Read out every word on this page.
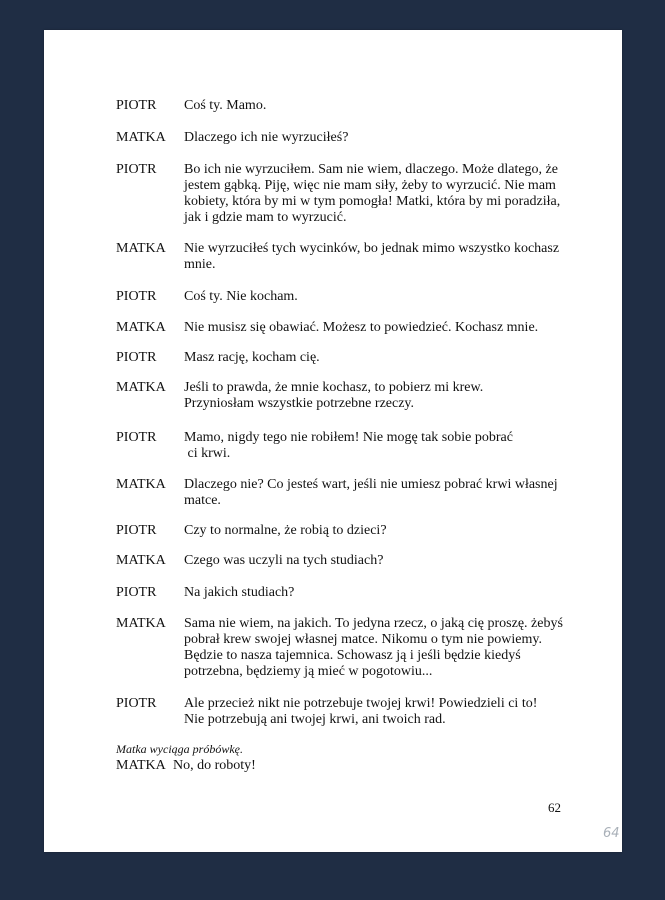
PIOTR Coś ty. Mamo.
MATKA Dlaczego ich nie wyrzuciłeś?
PIOTR Bo ich nie wyrzuciłem. Sam nie wiem, dlaczego. Może dlatego, że
jestem gąbką. Piję, więc nie mam siły, żeby to wyrzucić. Nie mam
kobiety, która by mi w tym pomogła! Matki, która by mi poradziła,
jak i gdzie mam to wyrzucić.
MATKA Nie wyrzuciłeś tych wycinków, bo jednak mimo wszystko kochasz
mnie.
PIOTR Coś ty. Nie kocham.
MATKA Nie musisz się obawiać. Możesz to powiedzieć. Kochasz mnie.
PIOTR Masz rację, kocham cię.
MATKA Jeśli to prawda, że mnie kochasz, to pobierz mi krew.
Przyniosłam wszystkie potrzebne rzeczy.
PIOTR Mamo, nigdy tego nie robiłem! Nie mogę tak sobie pobrać
ci krwi.
MATKA Dlaczego nie? Co jesteś wart, jeśli nie umiesz pobrać krwi własnej
matce.
PIOTR Czy to normalne, że robią to dzieci?
MATKA Czego was uczyli na tych studiach?
PIOTR Na jakich studiach?
MATKA Sama nie wiem, na jakich. To jedyna rzecz, o jaką cię proszę. żebyś
pobrał krew swojej własnej matce. Nikomu o tym nie powiemy.
Będzie to nasza tajemnica. Schowasz ją i jeśli będzie kiedyś
potrzebna, będziemy ją mieć w pogotowiu...
PIOTR Ale przecież nikt nie potrzebuje twojej krwi! Powiedzieli ci to!
Nie potrzebują ani twojej krwi, ani twoich rad.
Matka wyciąga próbówkę.
MATKA No, do roboty!
62
64
